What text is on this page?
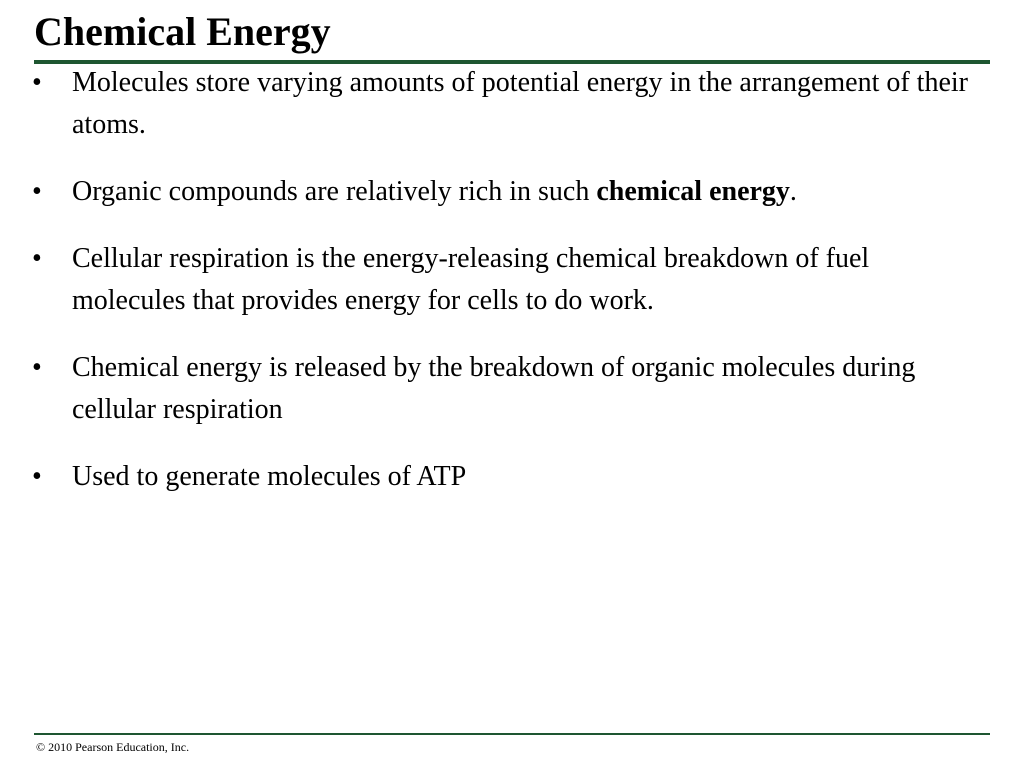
Chemical Energy
• Molecules store varying amounts of potential energy in the arrangement of their atoms.
• Organic compounds are relatively rich in such chemical energy.
• Cellular respiration is the energy-releasing chemical breakdown of fuel molecules that provides energy for cells to do work.
• Chemical energy is released by the breakdown of organic molecules during cellular respiration
• Used to generate molecules of ATP
© 2010 Pearson Education, Inc.
